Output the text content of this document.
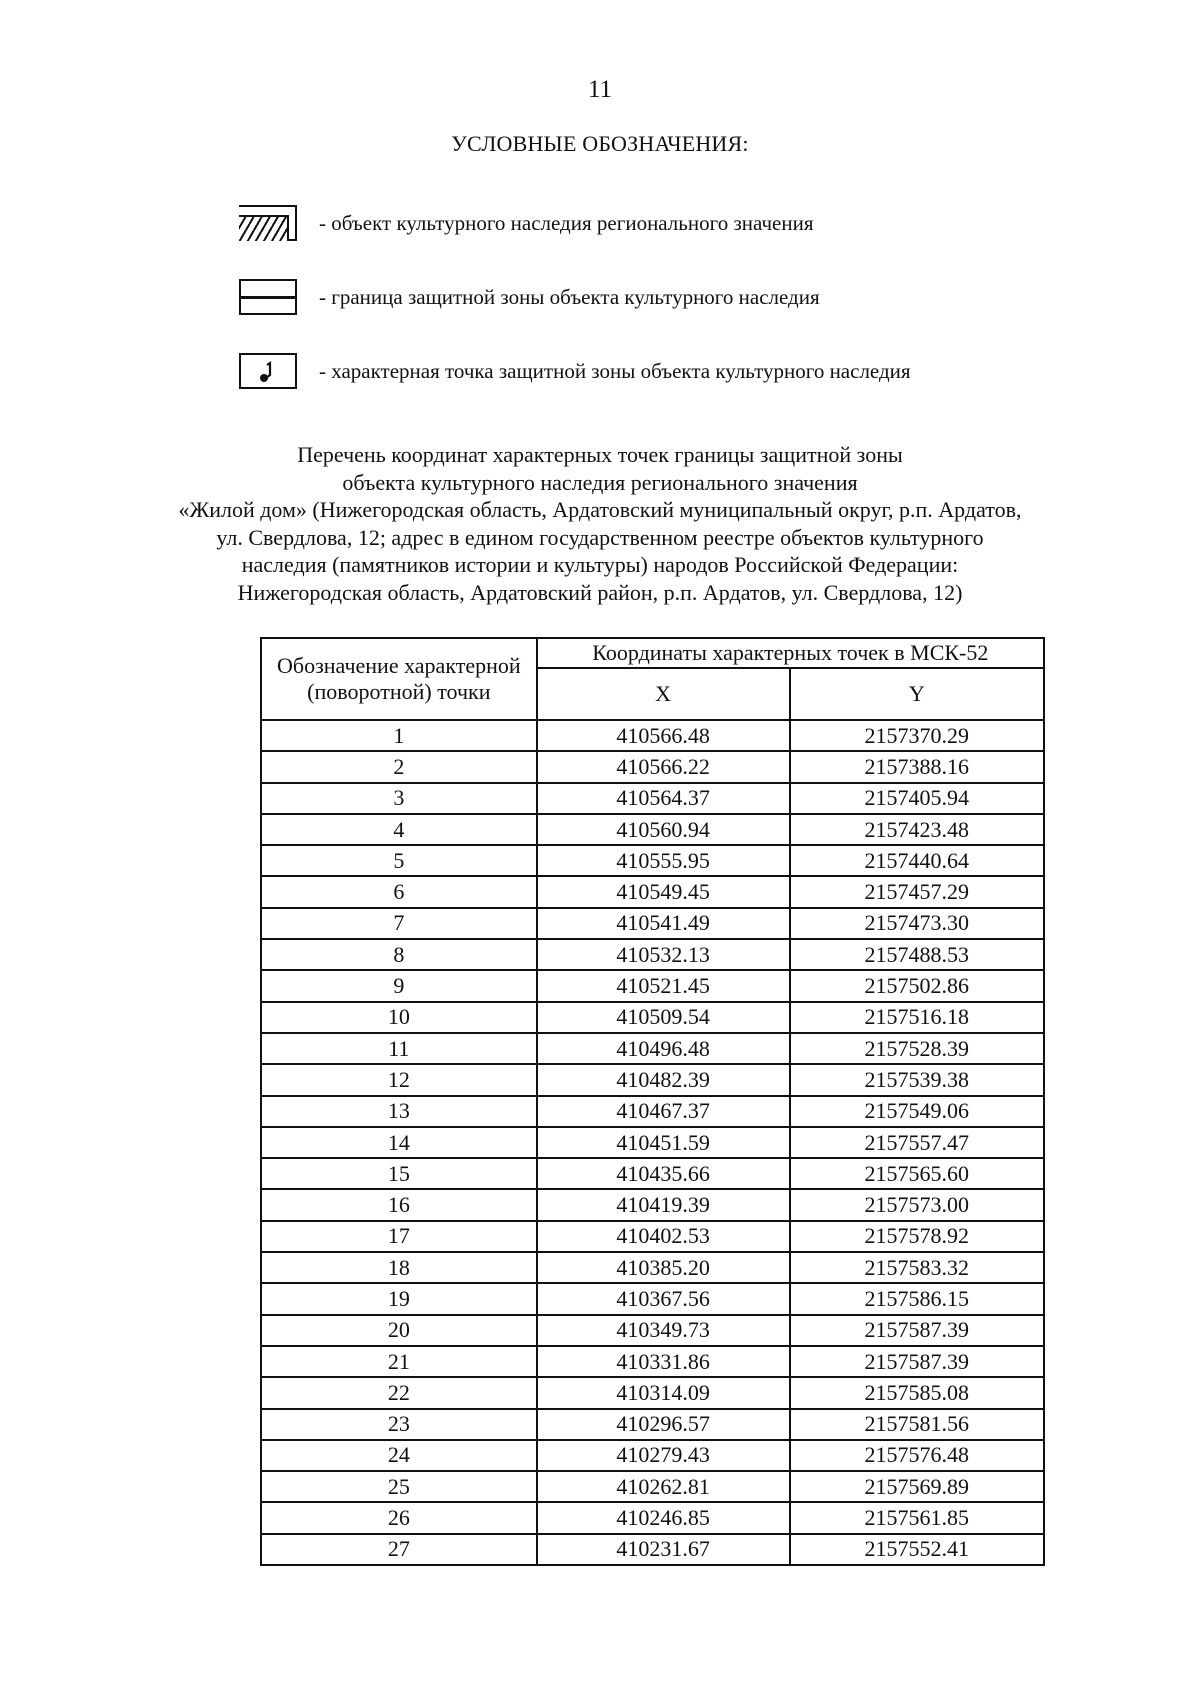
11
УСЛОВНЫЕ ОБОЗНАЧЕНИЯ:
- объект культурного наследия регионального значения
- граница защитной зоны объекта культурного наследия
- характерная точка защитной зоны объекта культурного наследия
Перечень координат характерных точек границы защитной зоны
объекта культурного наследия регионального значения
«Жилой дом» (Нижегородская область, Ардатовский муниципальный округ, р.п. Ардатов,
ул. Свердлова, 12; адрес в едином государственном реестре объектов культурного
наследия (памятников истории и культуры) народов Российской Федерации:
Нижегородская область, Ардатовский район, р.п. Ардатов, ул. Свердлова, 12)
Обозначение характерной (поворотной) точки	Координаты характерных точек в МСК-52	
	X	Y
1	410566.48	2157370.29
2	410566.22	2157388.16
3	410564.37	2157405.94
4	410560.94	2157423.48
5	410555.95	2157440.64
6	410549.45	2157457.29
7	410541.49	2157473.30
8	410532.13	2157488.53
9	410521.45	2157502.86
10	410509.54	2157516.18
11	410496.48	2157528.39
12	410482.39	2157539.38
13	410467.37	2157549.06
14	410451.59	2157557.47
15	410435.66	2157565.60
16	410419.39	2157573.00
17	410402.53	2157578.92
18	410385.20	2157583.32
19	410367.56	2157586.15
20	410349.73	2157587.39
21	410331.86	2157587.39
22	410314.09	2157585.08
23	410296.57	2157581.56
24	410279.43	2157576.48
25	410262.81	2157569.89
26	410246.85	2157561.85
27	410231.67	2157552.41
